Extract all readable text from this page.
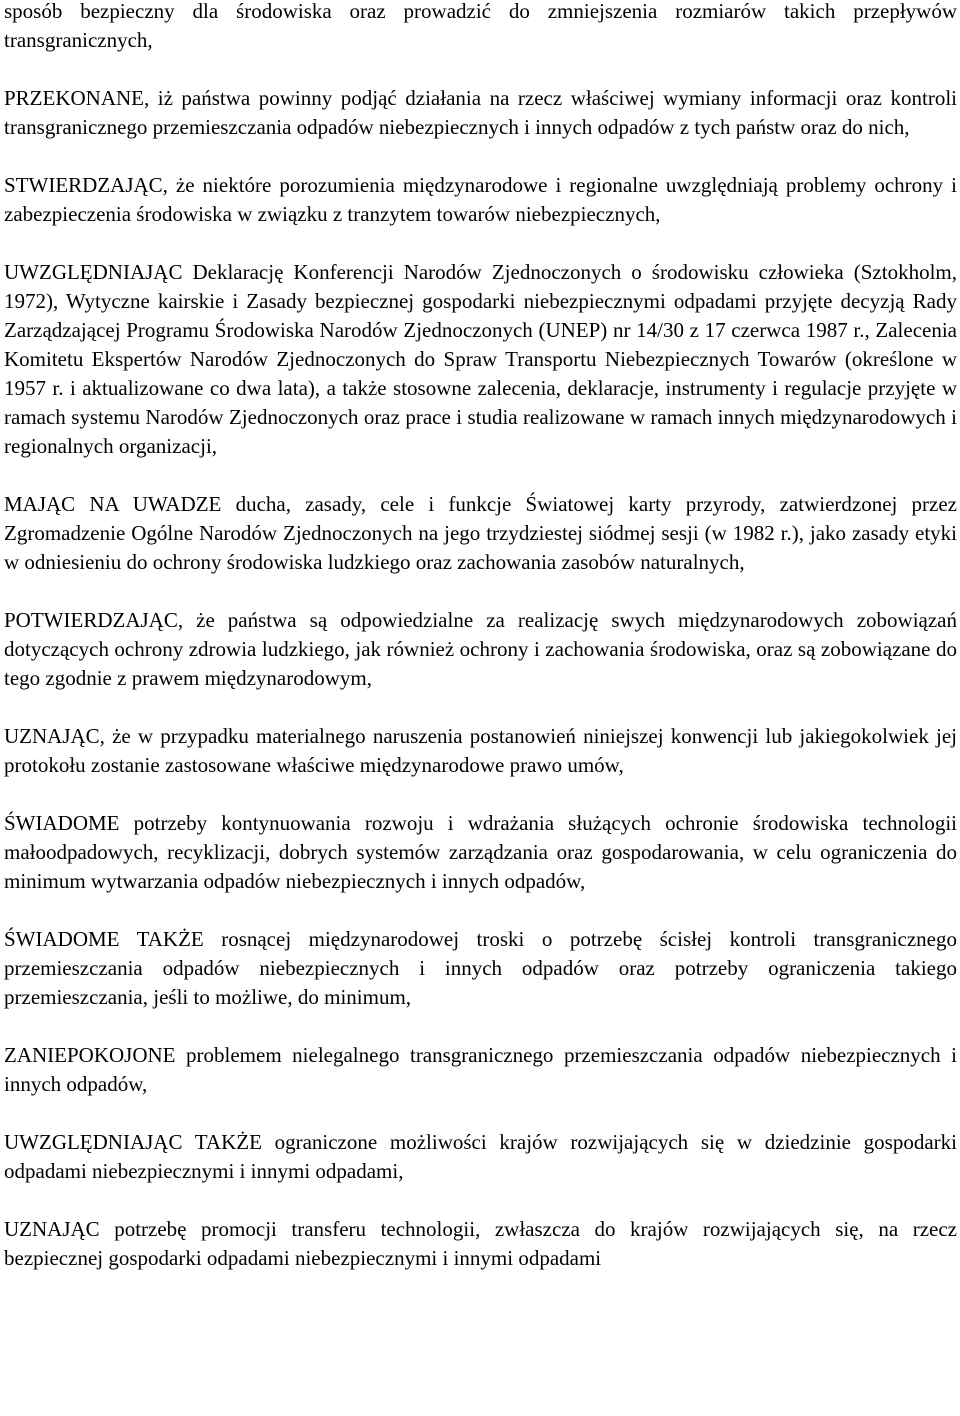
sposób bezpieczny dla środowiska oraz prowadzić do zmniejszenia rozmiarów takich przepływów transgranicznych,

PRZEKONANE, iż państwa powinny podjąć działania na rzecz właściwej wymiany informacji oraz kontroli transgranicznego przemieszczania odpadów niebezpiecznych i innych odpadów z tych państw oraz do nich,

STWIERDZAJĄC, że niektóre porozumienia międzynarodowe i regionalne uwzględniają problemy ochrony i zabezpieczenia środowiska w związku z tranzytem towarów niebezpiecznych,

UWZGLĘDNIAJĄC Deklarację Konferencji Narodów Zjednoczonych o środowisku człowieka (Sztokholm, 1972), Wytyczne kairskie i Zasady bezpiecznej gospodarki niebezpiecznymi odpadami przyjęte decyzją Rady Zarządzającej Programu Środowiska Narodów Zjednoczonych (UNEP) nr 14/30 z 17 czerwca 1987 r., Zalecenia Komitetu Ekspertów Narodów Zjednoczonych do Spraw Transportu Niebezpiecznych Towarów (określone w 1957 r. i aktualizowane co dwa lata), a także stosowne zalecenia, deklaracje, instrumenty i regulacje przyjęte w ramach systemu Narodów Zjednoczonych oraz prace i studia realizowane w ramach innych międzynarodowych i regionalnych organizacji,

MAJĄC NA UWADZE ducha, zasady, cele i funkcje Światowej karty przyrody, zatwierdzonej przez Zgromadzenie Ogólne Narodów Zjednoczonych na jego trzydziestej siódmej sesji (w 1982 r.), jako zasady etyki w odniesieniu do ochrony środowiska ludzkiego oraz zachowania zasobów naturalnych,

POTWIERDZAJĄC, że państwa są odpowiedzialne za realizację swych międzynarodowych zobowiązań dotyczących ochrony zdrowia ludzkiego, jak również ochrony i zachowania środowiska, oraz są zobowiązane do tego zgodnie z prawem międzynarodowym,

UZNAJĄC, że w przypadku materialnego naruszenia postanowień niniejszej konwencji lub jakiegokolwiek jej protokołu zostanie zastosowane właściwe międzynarodowe prawo umów,

ŚWIADOME potrzeby kontynuowania rozwoju i wdrażania służących ochronie środowiska technologii małoodpadowych, recyklizacji, dobrych systemów zarządzania oraz gospodarowania, w celu ograniczenia do minimum wytwarzania odpadów niebezpiecznych i innych odpadów,

ŚWIADOME TAKŻE rosnącej międzynarodowej troski o potrzebę ścisłej kontroli transgranicznego przemieszczania odpadów niebezpiecznych i innych odpadów oraz potrzeby ograniczenia takiego przemieszczania, jeśli to możliwe, do minimum,

ZANIEPOKOJONE problemem nielegalnego transgranicznego przemieszczania odpadów niebezpiecznych i innych odpadów,

UWZGLĘDNIAJĄC TAKŻE ograniczone możliwości krajów rozwijających się w dziedzinie gospodarki odpadami niebezpiecznymi i innymi odpadami,

UZNAJĄC potrzebę promocji transferu technologii, zwłaszcza do krajów rozwijających się, na rzecz bezpiecznej gospodarki odpadami niebezpiecznymi i innymi odpadami
